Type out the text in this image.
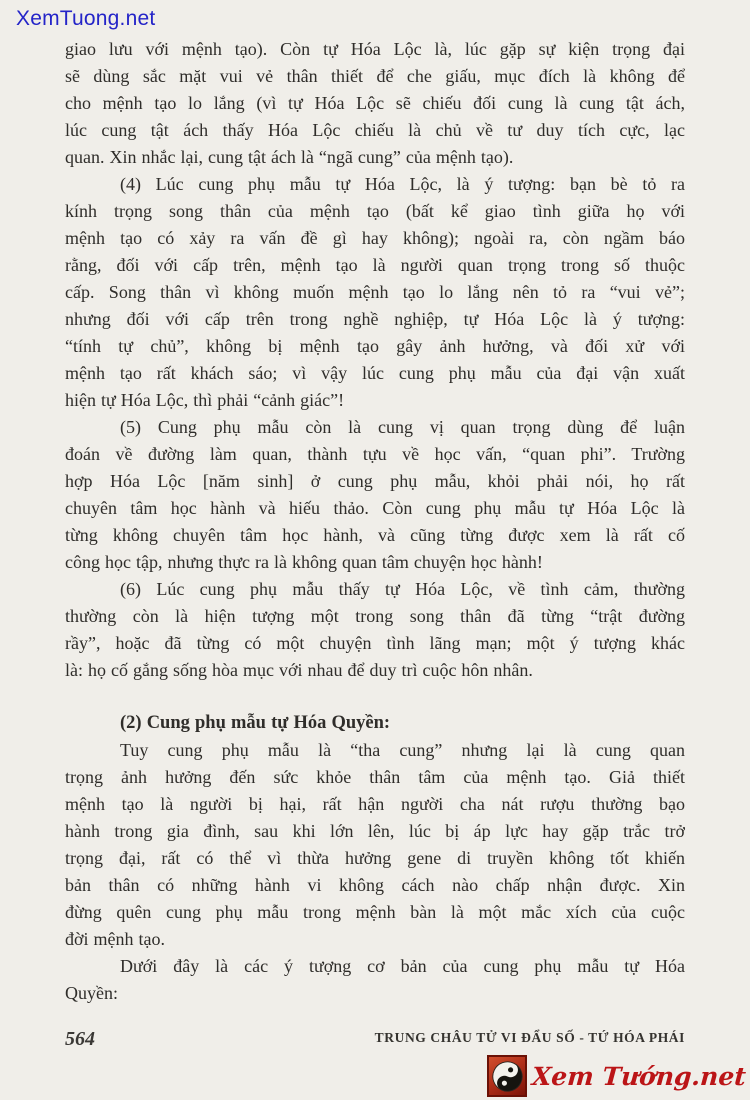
XemTuong.net
giao lưu với mệnh tạo). Còn tự Hóa Lộc là, lúc gặp sự kiện trọng đại
sẽ dùng sắc mặt vui vẻ thân thiết để che giấu, mục đích là không để
cho mệnh tạo lo lắng (vì tự Hóa Lộc sẽ chiếu đối cung là cung tật ách,
lúc cung tật ách thấy Hóa Lộc chiếu là chủ về tư duy tích cực, lạc
quan. Xin nhắc lại, cung tật ách là “ngã cung” của mệnh tạo).
(4) Lúc cung phụ mẫu tự Hóa Lộc, là ý tượng: bạn bè tỏ ra
kính trọng song thân của mệnh tạo (bất kể giao tình giữa họ với
mệnh tạo có xảy ra vấn đề gì hay không); ngoài ra, còn ngầm báo
rằng, đối với cấp trên, mệnh tạo là người quan trọng trong số thuộc
cấp. Song thân vì không muốn mệnh tạo lo lắng nên tỏ ra “vui vẻ”;
nhưng đối với cấp trên trong nghề nghiệp, tự Hóa Lộc là ý tượng:
“tính tự chủ”, không bị mệnh tạo gây ảnh hưởng, và đối xử với
mệnh tạo rất khách sáo; vì vậy lúc cung phụ mẫu của đại vận xuất
hiện tự Hóa Lộc, thì phải “cảnh giác”!
(5) Cung phụ mẫu còn là cung vị quan trọng dùng để luận
đoán về đường làm quan, thành tựu về học vấn, “quan phi”. Trường
hợp Hóa Lộc [năm sinh] ở cung phụ mẫu, khỏi phải nói, họ rất
chuyên tâm học hành và hiếu thảo. Còn cung phụ mẫu tự Hóa Lộc là
từng không chuyên tâm học hành, và cũng từng được xem là rất cố
công học tập, nhưng thực ra là không quan tâm chuyện học hành!
(6) Lúc cung phụ mẫu thấy tự Hóa Lộc, về tình cảm, thường
thường còn là hiện tượng một trong song thân đã từng “trật đường
rầy”, hoặc đã từng có một chuyện tình lãng mạn; một ý tượng khác
là: họ cố gắng sống hòa mục với nhau để duy trì cuộc hôn nhân.
(2) Cung phụ mẫu tự Hóa Quyền:
Tuy cung phụ mẫu là “tha cung” nhưng lại là cung quan
trọng ảnh hưởng đến sức khỏe thân tâm của mệnh tạo. Giả thiết
mệnh tạo là người bị hại, rất hận người cha nát rượu thường bạo
hành trong gia đình, sau khi lớn lên, lúc bị áp lực hay gặp trắc trở
trọng đại, rất có thể vì thừa hưởng gene di truyền không tốt khiến
bản thân có những hành vi không cách nào chấp nhận được. Xin
đừng quên cung phụ mẫu trong mệnh bàn là một mắc xích của cuộc
đời mệnh tạo.
Dưới đây là các ý tượng cơ bản của cung phụ mẫu tự Hóa
Quyền:
564	TRUNG CHÂU TỬ VI ĐẨU SỐ - TỨ HÓA PHÁI
Xem Tướng.net
